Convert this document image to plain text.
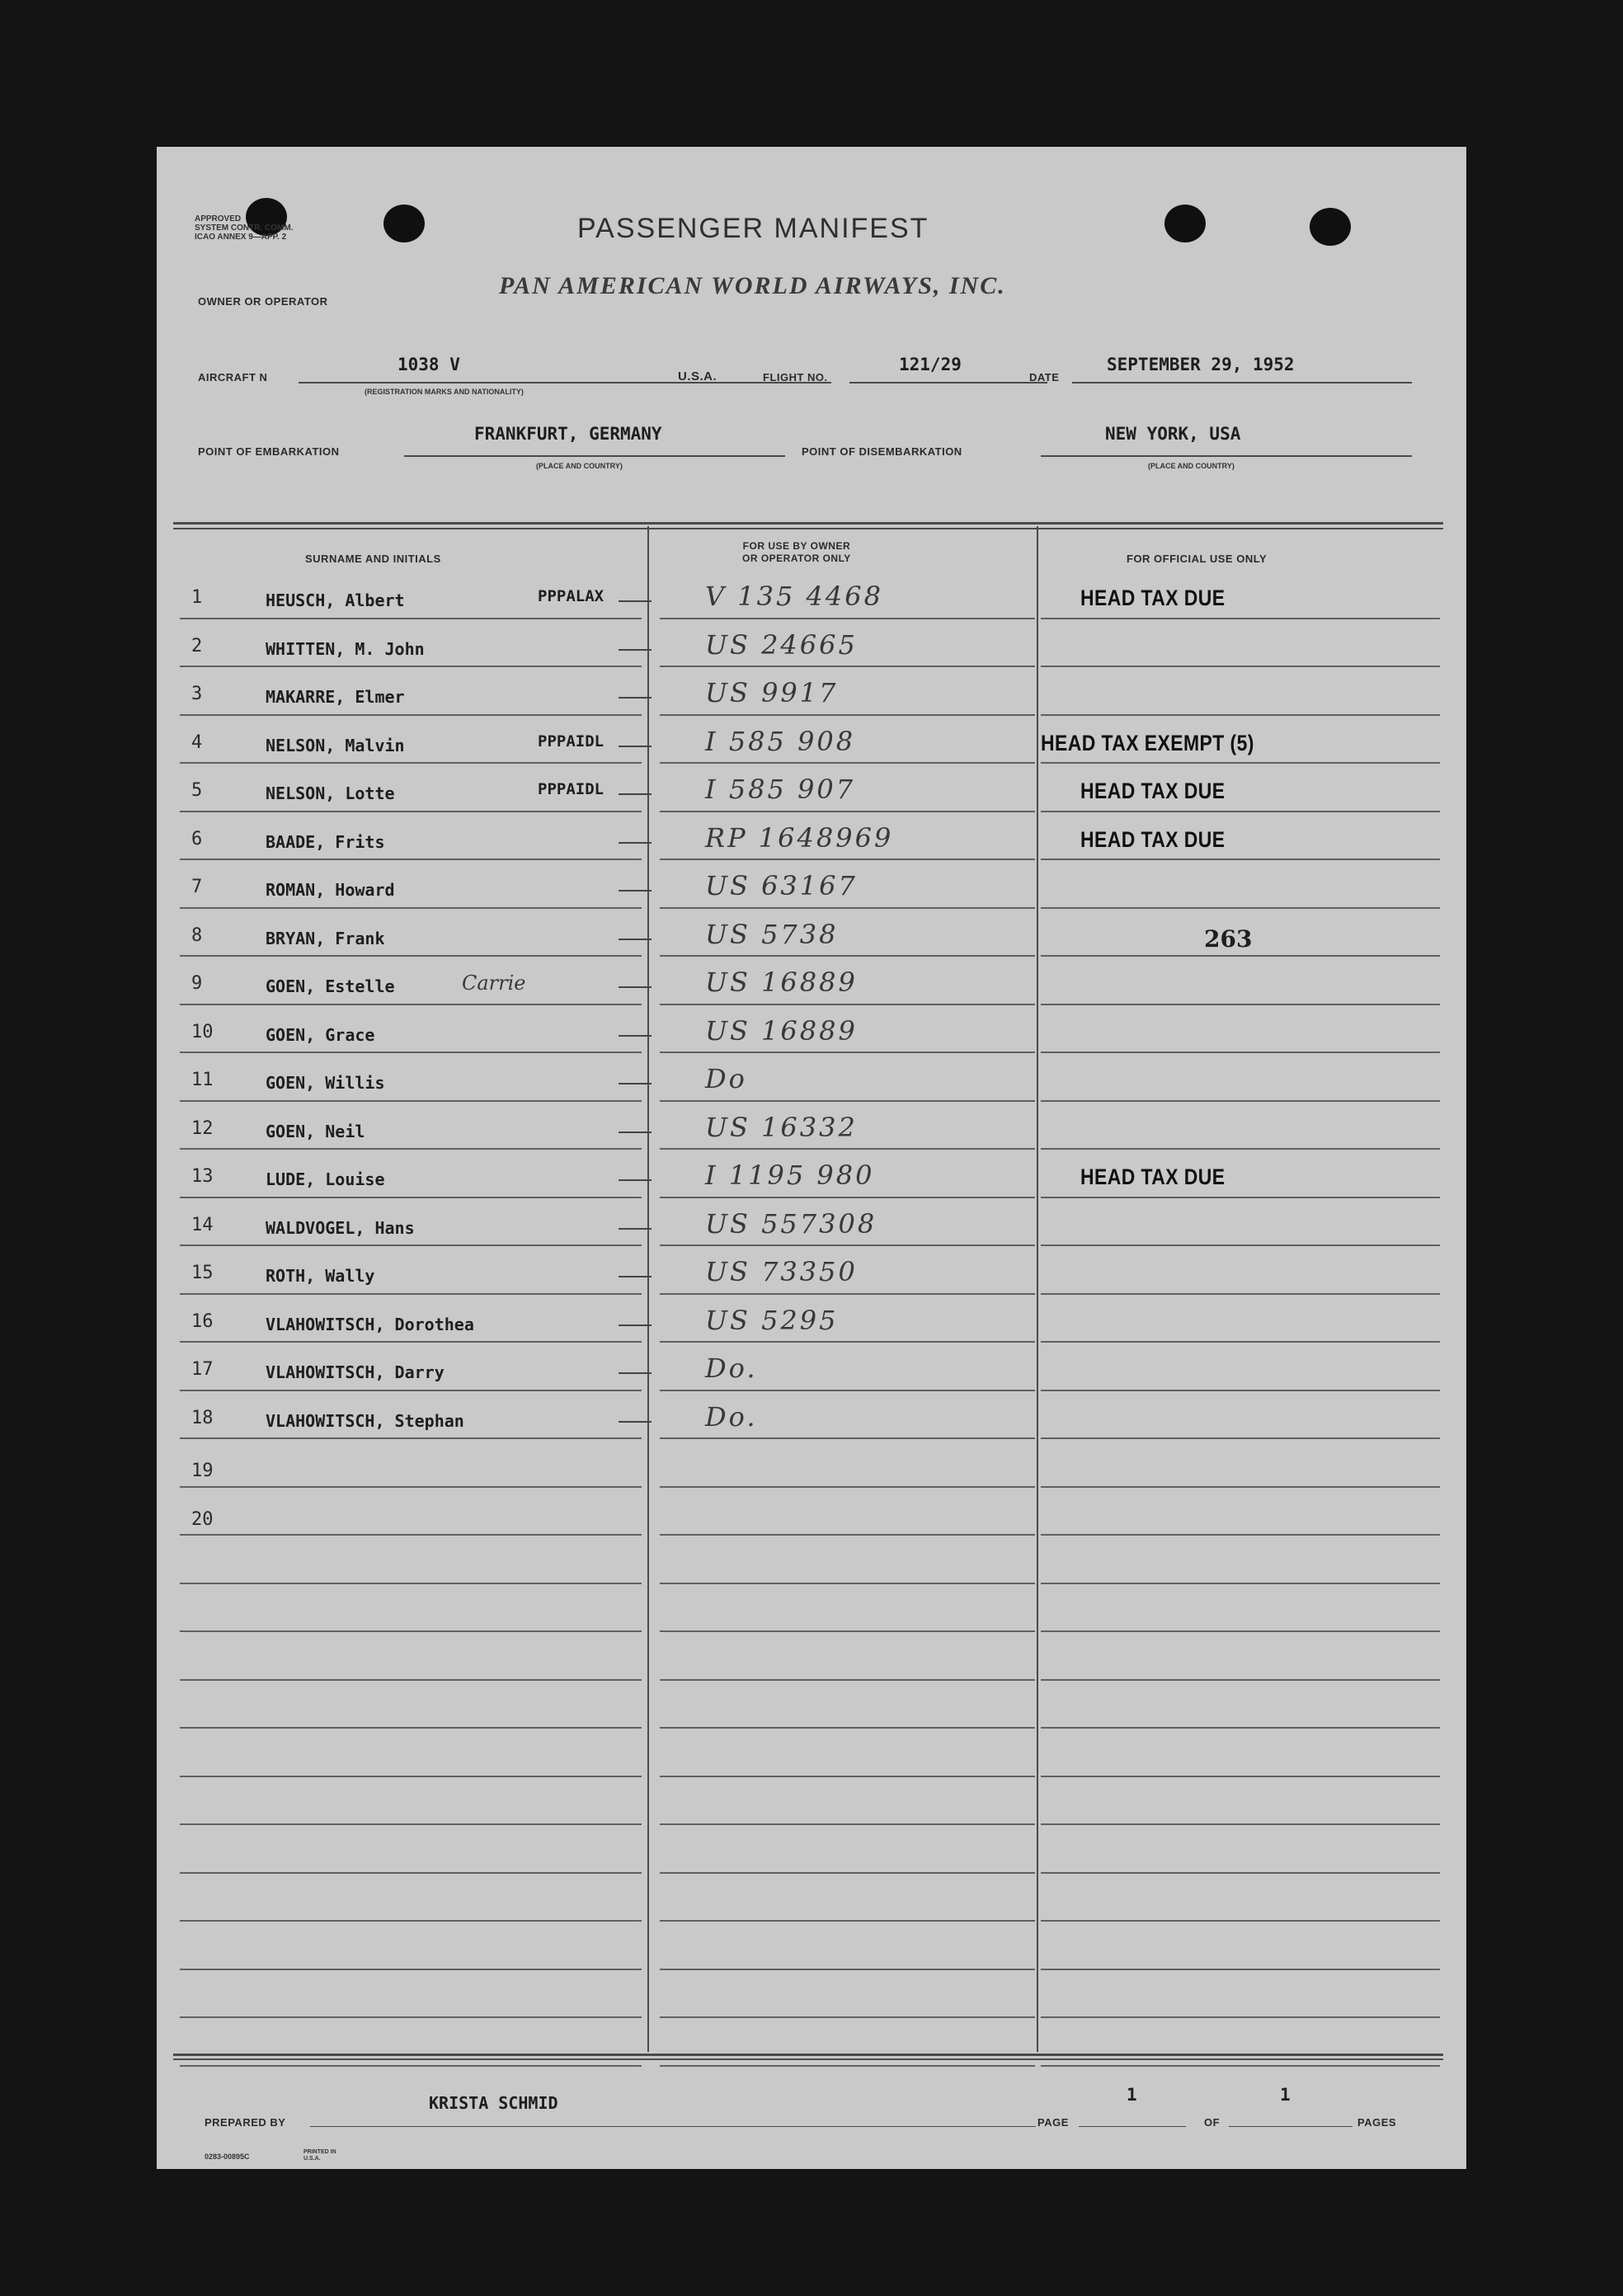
APPROVED
SYSTEM CONTR. COMM.
ICAO ANNEX 9—APP. 2	PASSENGER MANIFEST
OWNER OR OPERATOR
PAN AMERICAN WORLD AIRWAYS, INC.
AIRCRAFT N
1038 V
(REGISTRATION MARKS AND NATIONALITY)
U.S.A.	FLIGHT NO.
121/29
DATE
SEPTEMBER 29, 1952
POINT OF EMBARKATION
FRANKFURT, GERMANY
(PLACE AND COUNTRY)
POINT OF DISEMBARKATION
NEW YORK, USA
(PLACE AND COUNTRY)
SURNAME AND INITIALS
FOR USE BY OWNER
OR OPERATOR ONLY	FOR OFFICIAL USE ONLY
1	HEUSCH, Albert	PPPALAX	V 135 4468	HEAD TAX DUE
2	WHITTEN, M. John	US 24665
3	MAKARRE, Elmer	US 9917
4	NELSON, Malvin	PPPAIDL	I 585 908	HEAD TAX EXEMPT (5)
5	NELSON, Lotte	PPPAIDL	I 585 907	HEAD TAX DUE
6	BAADE, Frits	RP 1648969	HEAD TAX DUE
7	ROMAN, Howard	US 63167
8	BRYAN, Frank	US 5738	263
9	GOEN, Estelle	Carrie	US 16889
10	GOEN, Grace	US 16889
11	GOEN, Willis	Do
12	GOEN, Neil	US 16332
13	LUDE, Louise	I 1195 980	HEAD TAX DUE
14	WALDVOGEL, Hans	US 557308
15	ROTH, Wally	US 73350
16	VLAHOWITSCH, Dorothea	US 5295
17	VLAHOWITSCH, Darry	Do.
18	VLAHOWITSCH, Stephan	Do.
19
20
PREPARED BY
KRISTA SCHMID
PAGE
1
OF
1
PAGES
0283-00895C
PRINTED IN U.S.A.
